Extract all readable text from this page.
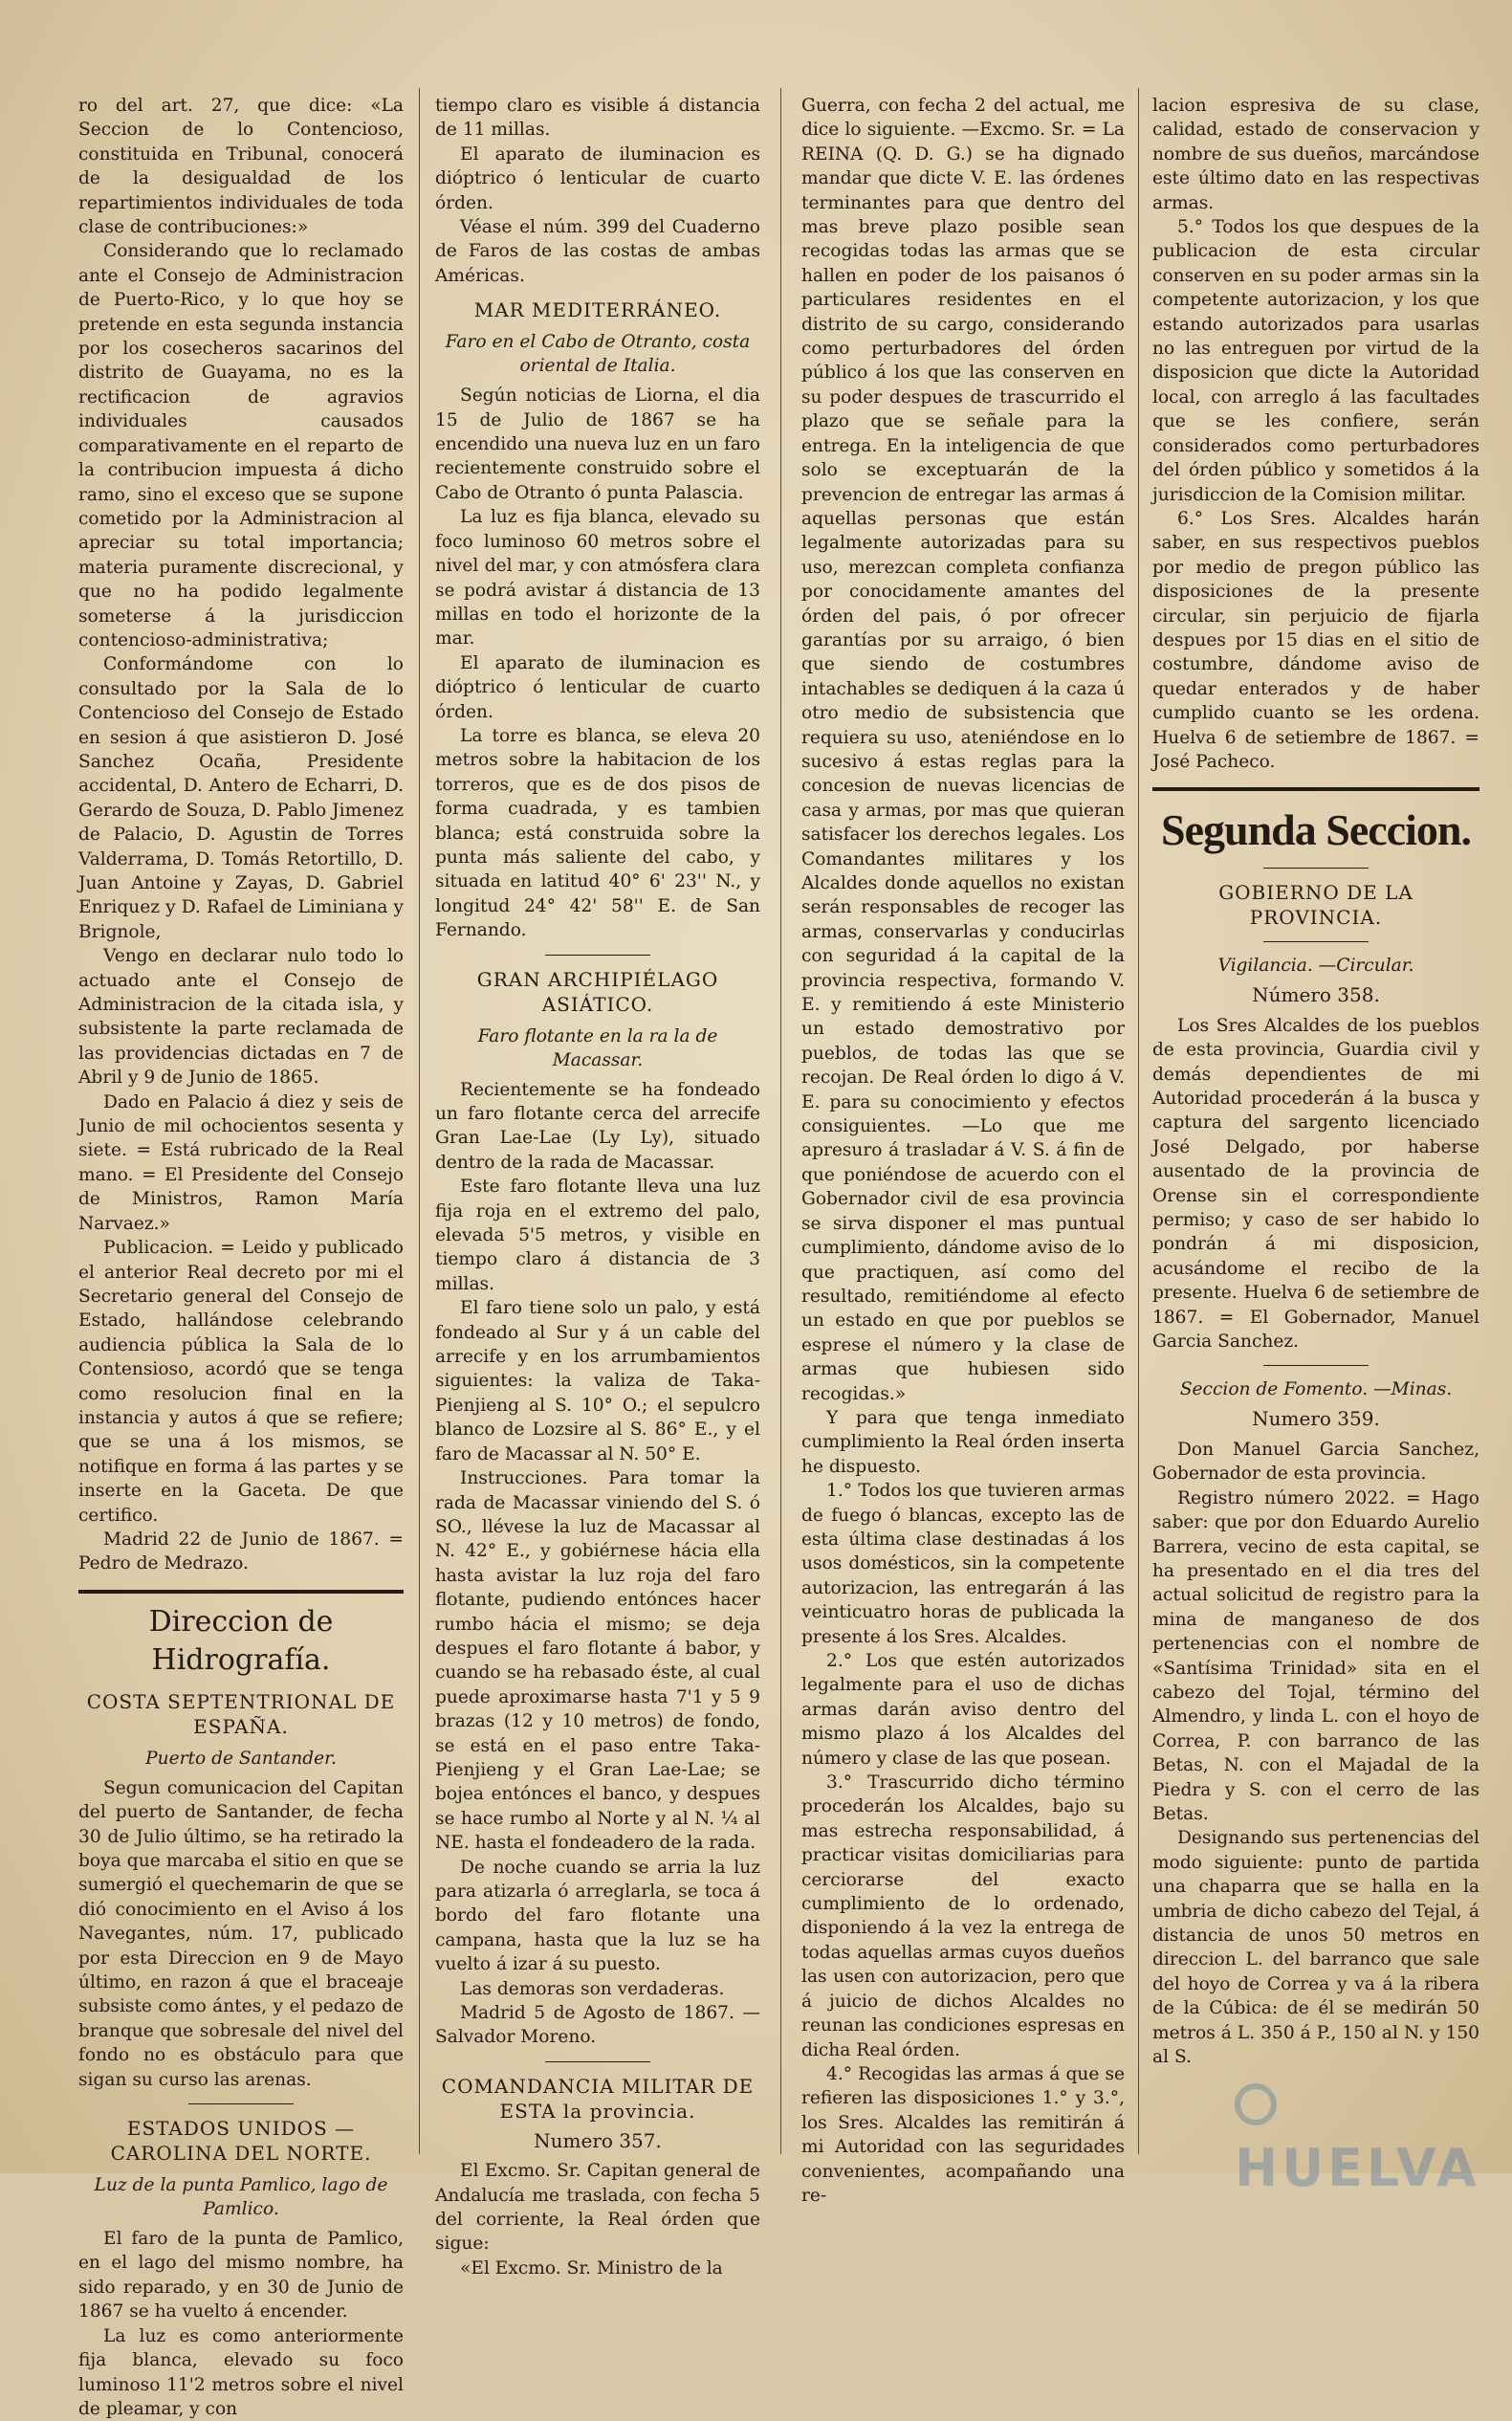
ro del art. 27, que dice: «La Seccion de lo Contencioso, constituida en Tribunal, conocerá de la desigualdad de los repartimientos individuales de toda clase de contribuciones:»

Considerando que lo reclamado ante el Consejo de Administracion de Puerto-Rico, y lo que hoy se pretende en esta segunda instancia por los cosecheros sacarinos del distrito de Guayama, no es la rectificacion de agravios individuales causados comparativamente en el reparto de la contribucion impuesta á dicho ramo, sino el exceso que se supone cometido por la Administracion al apreciar su total importancia; materia puramente discrecional, y que no ha podido legalmente someterse á la jurisdiccion contencioso-administrativa;

Conformándome con lo consultado por la Sala de lo Contencioso del Consejo de Estado en sesion á que asistieron D. José Sanchez Ocaña, Presidente accidental, D. Antero de Echarri, D. Gerardo de Souza, D. Pablo Jimenez de Palacio, D. Agustin de Torres Valderrama, D. Tomás Retortillo, D. Juan Antoine y Zayas, D. Gabriel Enriquez y D. Rafael de Liminiana y Brignole,

Vengo en declarar nulo todo lo actuado ante el Consejo de Administracion de la citada isla, y subsistente la parte reclamada de las providencias dictadas en 7 de Abril y 9 de Junio de 1865.

Dado en Palacio á diez y seis de Junio de mil ochocientos sesenta y siete. = Está rubricado de la Real mano. = El Presidente del Consejo de Ministros, Ramon María Narvaez.»

Publicacion. = Leido y publicado el anterior Real decreto por mi el Secretario general del Consejo de Estado, hallándose celebrando audiencia pública la Sala de lo Contensioso, acordó que se tenga como resolucion final en la instancia y autos á que se refiere; que se una á los mismos, se notifique en forma á las partes y se inserte en la Gaceta. De que certifico.

Madrid 22 de Junio de 1867. = Pedro de Medrazo.

Direccion de Hidrografía.
COSTA SEPTENTRIONAL DE ESPAÑA.
Puerto de Santander.

Segun comunicacion del Capitan del puerto de Santander, de fecha 30 de Julio último, se ha retirado la boya que marcaba el sitio en que se sumergió el quechemarin de que se dió conocimiento en el Aviso á los Navegantes, núm. 17, publicado por esta Direccion en 9 de Mayo último, en razon á que el braceaje subsiste como ántes, y el pedazo de branque que sobresale del nivel del fondo no es obstáculo para que sigan su curso las arenas.

ESTADOS UNIDOS —CAROLINA DEL NORTE.
Luz de la punta Pamlico, lago de Pamlico.

El faro de la punta de Pamlico, en el lago del mismo nombre, ha sido reparado, y en 30 de Junio de 1867 se ha vuelto á encender.

La luz es como anteriormente fija blanca, elevado su foco luminoso 11'2 metros sobre el nivel de pleamar, y con

tiempo claro es visible á distancia de 11 millas.

El aparato de iluminacion es dióptrico ó lenticular de cuarto órden.

Véase el núm. 399 del Cuaderno de Faros de las costas de ambas Américas.

MAR MEDITERRÁNEO.
Faro en el Cabo de Otranto, costa oriental de Italia.

Según noticias de Liorna, el dia 15 de Julio de 1867 se ha encendido una nueva luz en un faro recientemente construido sobre el Cabo de Otranto ó punta Palascia.

La luz es fija blanca, elevado su foco luminoso 60 metros sobre el nivel del mar, y con atmósfera clara se podrá avistar á distancia de 13 millas en todo el horizonte de la mar.

El aparato de iluminacion es dióptrico ó lenticular de cuarto órden.

La torre es blanca, se eleva 20 metros sobre la habitacion de los torreros, que es de dos pisos de forma cuadrada, y es tambien blanca; está construida sobre la punta más saliente del cabo, y situada en latitud 40° 6' 23'' N., y longitud 24° 42' 58'' E. de San Fernando.

GRAN ARCHIPIÉLAGO ASIÁTICO.
Faro flotante en la ra la de Macassar.

Recientemente se ha fondeado un faro flotante cerca del arrecife Gran Lae-Lae (Ly Ly), situado dentro de la rada de Macassar.

Este faro flotante lleva una luz fija roja en el extremo del palo, elevada 5'5 metros, y visible en tiempo claro á distancia de 3 millas.

El faro tiene solo un palo, y está fondeado al Sur y á un cable del arrecife y en los arrumbamientos siguientes: la valiza de Taka-Pienjieng al S. 10° O.; el sepulcro blanco de Lozsire al S. 86° E., y el faro de Macassar al N. 50° E.

Instrucciones. Para tomar la rada de Macassar viniendo del S. ó SO., llévese la luz de Macassar al N. 42° E., y gobiérnese hácia ella hasta avistar la luz roja del faro flotante, pudiendo entónces hacer rumbo hácia el mismo; se deja despues el faro flotante á babor, y cuando se ha rebasado éste, al cual puede aproximarse hasta 7'1 y 5 9 brazas (12 y 10 metros) de fondo, se está en el paso entre Taka-Pienjieng y el Gran Lae-Lae; se bojea entónces el banco, y despues se hace rumbo al Norte y al N. ¼ al NE. hasta el fondeadero de la rada.

De noche cuando se arria la luz para atizarla ó arreglarla, se toca á bordo del faro flotante una campana, hasta que la luz se ha vuelto á izar á su puesto.

Las demoras son verdaderas.

Madrid 5 de Agosto de 1867. —Salvador Moreno.

COMANDANCIA MILITAR DE ESTA la provincia.
Numero 357.

El Excmo. Sr. Capitan general de Andalucía me traslada, con fecha 5 del corriente, la Real órden que sigue:

«El Excmo. Sr. Ministro de la

Guerra, con fecha 2 del actual, me dice lo siguiente. —Excmo. Sr. = La REINA (Q. D. G.) se ha dignado mandar que dicte V. E. las órdenes terminantes para que dentro del mas breve plazo posible sean recogidas todas las armas que se hallen en poder de los paisanos ó particulares residentes en el distrito de su cargo, considerando como perturbadores del órden público á los que las conserven en su poder despues de trascurrido el plazo que se señale para la entrega. En la inteligencia de que solo se exceptuarán de la prevencion de entregar las armas á aquellas personas que están legalmente autorizadas para su uso, merezcan completa confianza por conocidamente amantes del órden del pais, ó por ofrecer garantías por su arraigo, ó bien que siendo de costumbres intachables se dediquen á la caza ú otro medio de subsistencia que requiera su uso, ateniéndose en lo sucesivo á estas reglas para la concesion de nuevas licencias de casa y armas, por mas que quieran satisfacer los derechos legales. Los Comandantes militares y los Alcaldes donde aquellos no existan serán responsables de recoger las armas, conservarlas y conducirlas con seguridad á la capital de la provincia respectiva, formando V. E. y remitiendo á este Ministerio un estado demostrativo por pueblos, de todas las que se recojan. De Real órden lo digo á V. E. para su conocimiento y efectos consiguientes. —Lo que me apresuro á trasladar á V. S. á fin de que poniéndose de acuerdo con el Gobernador civil de esa provincia se sirva disponer el mas puntual cumplimiento, dándome aviso de lo que practiquen, así como del resultado, remitiéndome al efecto un estado en que por pueblos se esprese el número y la clase de armas que hubiesen sido recogidas.»

Y para que tenga inmediato cumplimiento la Real órden inserta he dispuesto.

1.° Todos los que tuvieren armas de fuego ó blancas, excepto las de esta última clase destinadas á los usos domésticos, sin la competente autorizacion, las entregarán á las veinticuatro horas de publicada la presente á los Sres. Alcaldes.

2.° Los que estén autorizados legalmente para el uso de dichas armas darán aviso dentro del mismo plazo á los Alcaldes del número y clase de las que posean.

3.° Trascurrido dicho término procederán los Alcaldes, bajo su mas estrecha responsabilidad, á practicar visitas domiciliarias para cerciorarse del exacto cumplimiento de lo ordenado, disponiendo á la vez la entrega de todas aquellas armas cuyos dueños las usen con autorizacion, pero que á juicio de dichos Alcaldes no reunan las condiciones espresas en dicha Real órden.

4.° Recogidas las armas á que se refieren las disposiciones 1.° y 3.°, los Sres. Alcaldes las remitirán á mi Autoridad con las seguridades convenientes, acompañando una re-

lacion espresiva de su clase, calidad, estado de conservacion y nombre de sus dueños, marcándose este último dato en las respectivas armas.

5.° Todos los que despues de la publicacion de esta circular conserven en su poder armas sin la competente autorizacion, y los que estando autorizados para usarlas no las entreguen por virtud de la disposicion que dicte la Autoridad local, con arreglo á las facultades que se les confiere, serán considerados como perturbadores del órden público y sometidos á la jurisdiccion de la Comision militar.

6.° Los Sres. Alcaldes harán saber, en sus respectivos pueblos por medio de pregon público las disposiciones de la presente circular, sin perjuicio de fijarla despues por 15 dias en el sitio de costumbre, dándome aviso de quedar enterados y de haber cumplido cuanto se les ordena. Huelva 6 de setiembre de 1867. = José Pacheco.

Segunda Seccion.
GOBIERNO DE LA PROVINCIA.
Vigilancia. —Circular.
Número 358.

Los Sres Alcaldes de los pueblos de esta provincia, Guardia civil y demás dependientes de mi Autoridad procederán á la busca y captura del sargento licenciado José Delgado, por haberse ausentado de la provincia de Orense sin el correspondiente permiso; y caso de ser habido lo pondrán á mi disposicion, acusándome el recibo de la presente. Huelva 6 de setiembre de 1867. = El Gobernador, Manuel Garcia Sanchez.

Seccion de Fomento. —Minas.
Numero 359.

Don Manuel Garcia Sanchez, Gobernador de esta provincia.

Registro número 2022. = Hago saber: que por don Eduardo Aurelio Barrera, vecino de esta capital, se ha presentado en el dia tres del actual solicitud de registro para la mina de manganeso de dos pertenencias con el nombre de «Santísima Trinidad» sita en el cabezo del Tojal, término del Almendro, y linda L. con el hoyo de Correa, P. con barranco de las Betas, N. con el Majadal de la Piedra y S. con el cerro de las Betas.

Designando sus pertenencias del modo siguiente: punto de partida una chaparra que se halla en la umbria de dicho cabezo del Tejal, á distancia de unos 50 metros en direccion L. del barranco que sale del hoyo de Correa y va á la ribera de la Cúbica: de él se medirán 50 metros á L. 350 á P., 150 al N. y 150 al S.

HUELVA
